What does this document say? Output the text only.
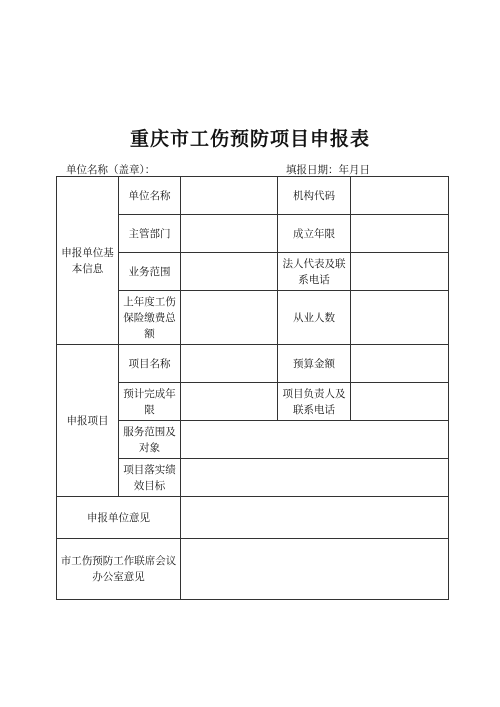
重庆市工伤预防项目申报表
单位名称（盖章）：	填报日期：年月日
申报单位基本信息	单位名称		机构代码	
	主管部门		成立年限	
	业务范围		法人代表及联系电话	
	上年度工伤保险缴费总额		从业人数	
申报项目	项目名称		预算金额	
	预计完成年限		项目负责人及联系电话	
	服务范围及对象			
	项目落实绩效目标			
申报单位意见				
市工伤预防工作联席会议办公室意见				
